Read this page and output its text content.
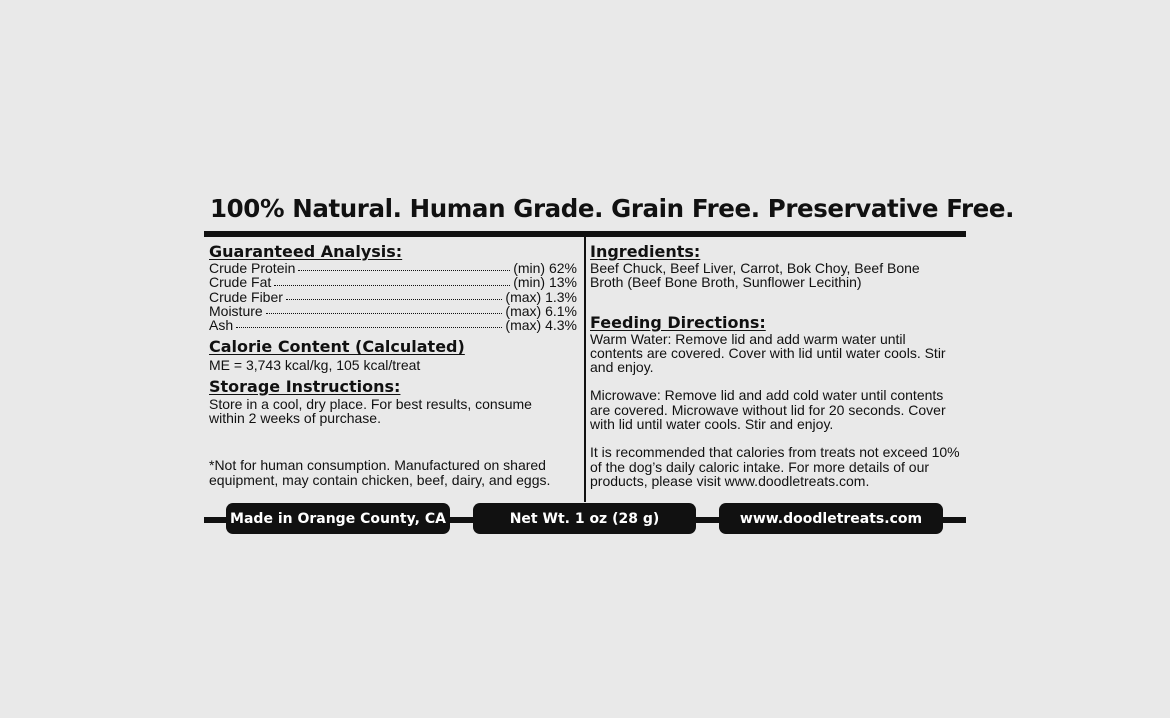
100% Natural. Human Grade. Grain Free. Preservative Free.
Guaranteed Analysis:
Crude Protein	(min) 62%
Crude Fat	(min) 13%
Crude Fiber	(max) 1.3%
Moisture	(max) 6.1%
Ash	(max) 4.3%
Calorie Content (Calculated)
ME = 3,743 kcal/kg, 105 kcal/treat
Storage Instructions:
Store in a cool, dry place. For best results, consume within 2 weeks of purchase.
*Not for human consumption. Manufactured on shared equipment, may contain chicken, beef, dairy, and eggs.
Ingredients:
Beef Chuck, Beef Liver, Carrot, Bok Choy, Beef Bone Broth (Beef Bone Broth, Sunflower Lecithin)
Feeding Directions:
Warm Water: Remove lid and add warm water until contents are covered. Cover with lid until water cools. Stir and enjoy.
Microwave: Remove lid and add cold water until contents are covered. Microwave without lid for 20 seconds. Cover with lid until water cools. Stir and enjoy.
It is recommended that calories from treats not exceed 10% of the dog’s daily caloric intake. For more details of our products, please visit www.doodletreats.com.
Made in Orange County, CA	Net Wt. 1 oz (28 g)	www.doodletreats.com
